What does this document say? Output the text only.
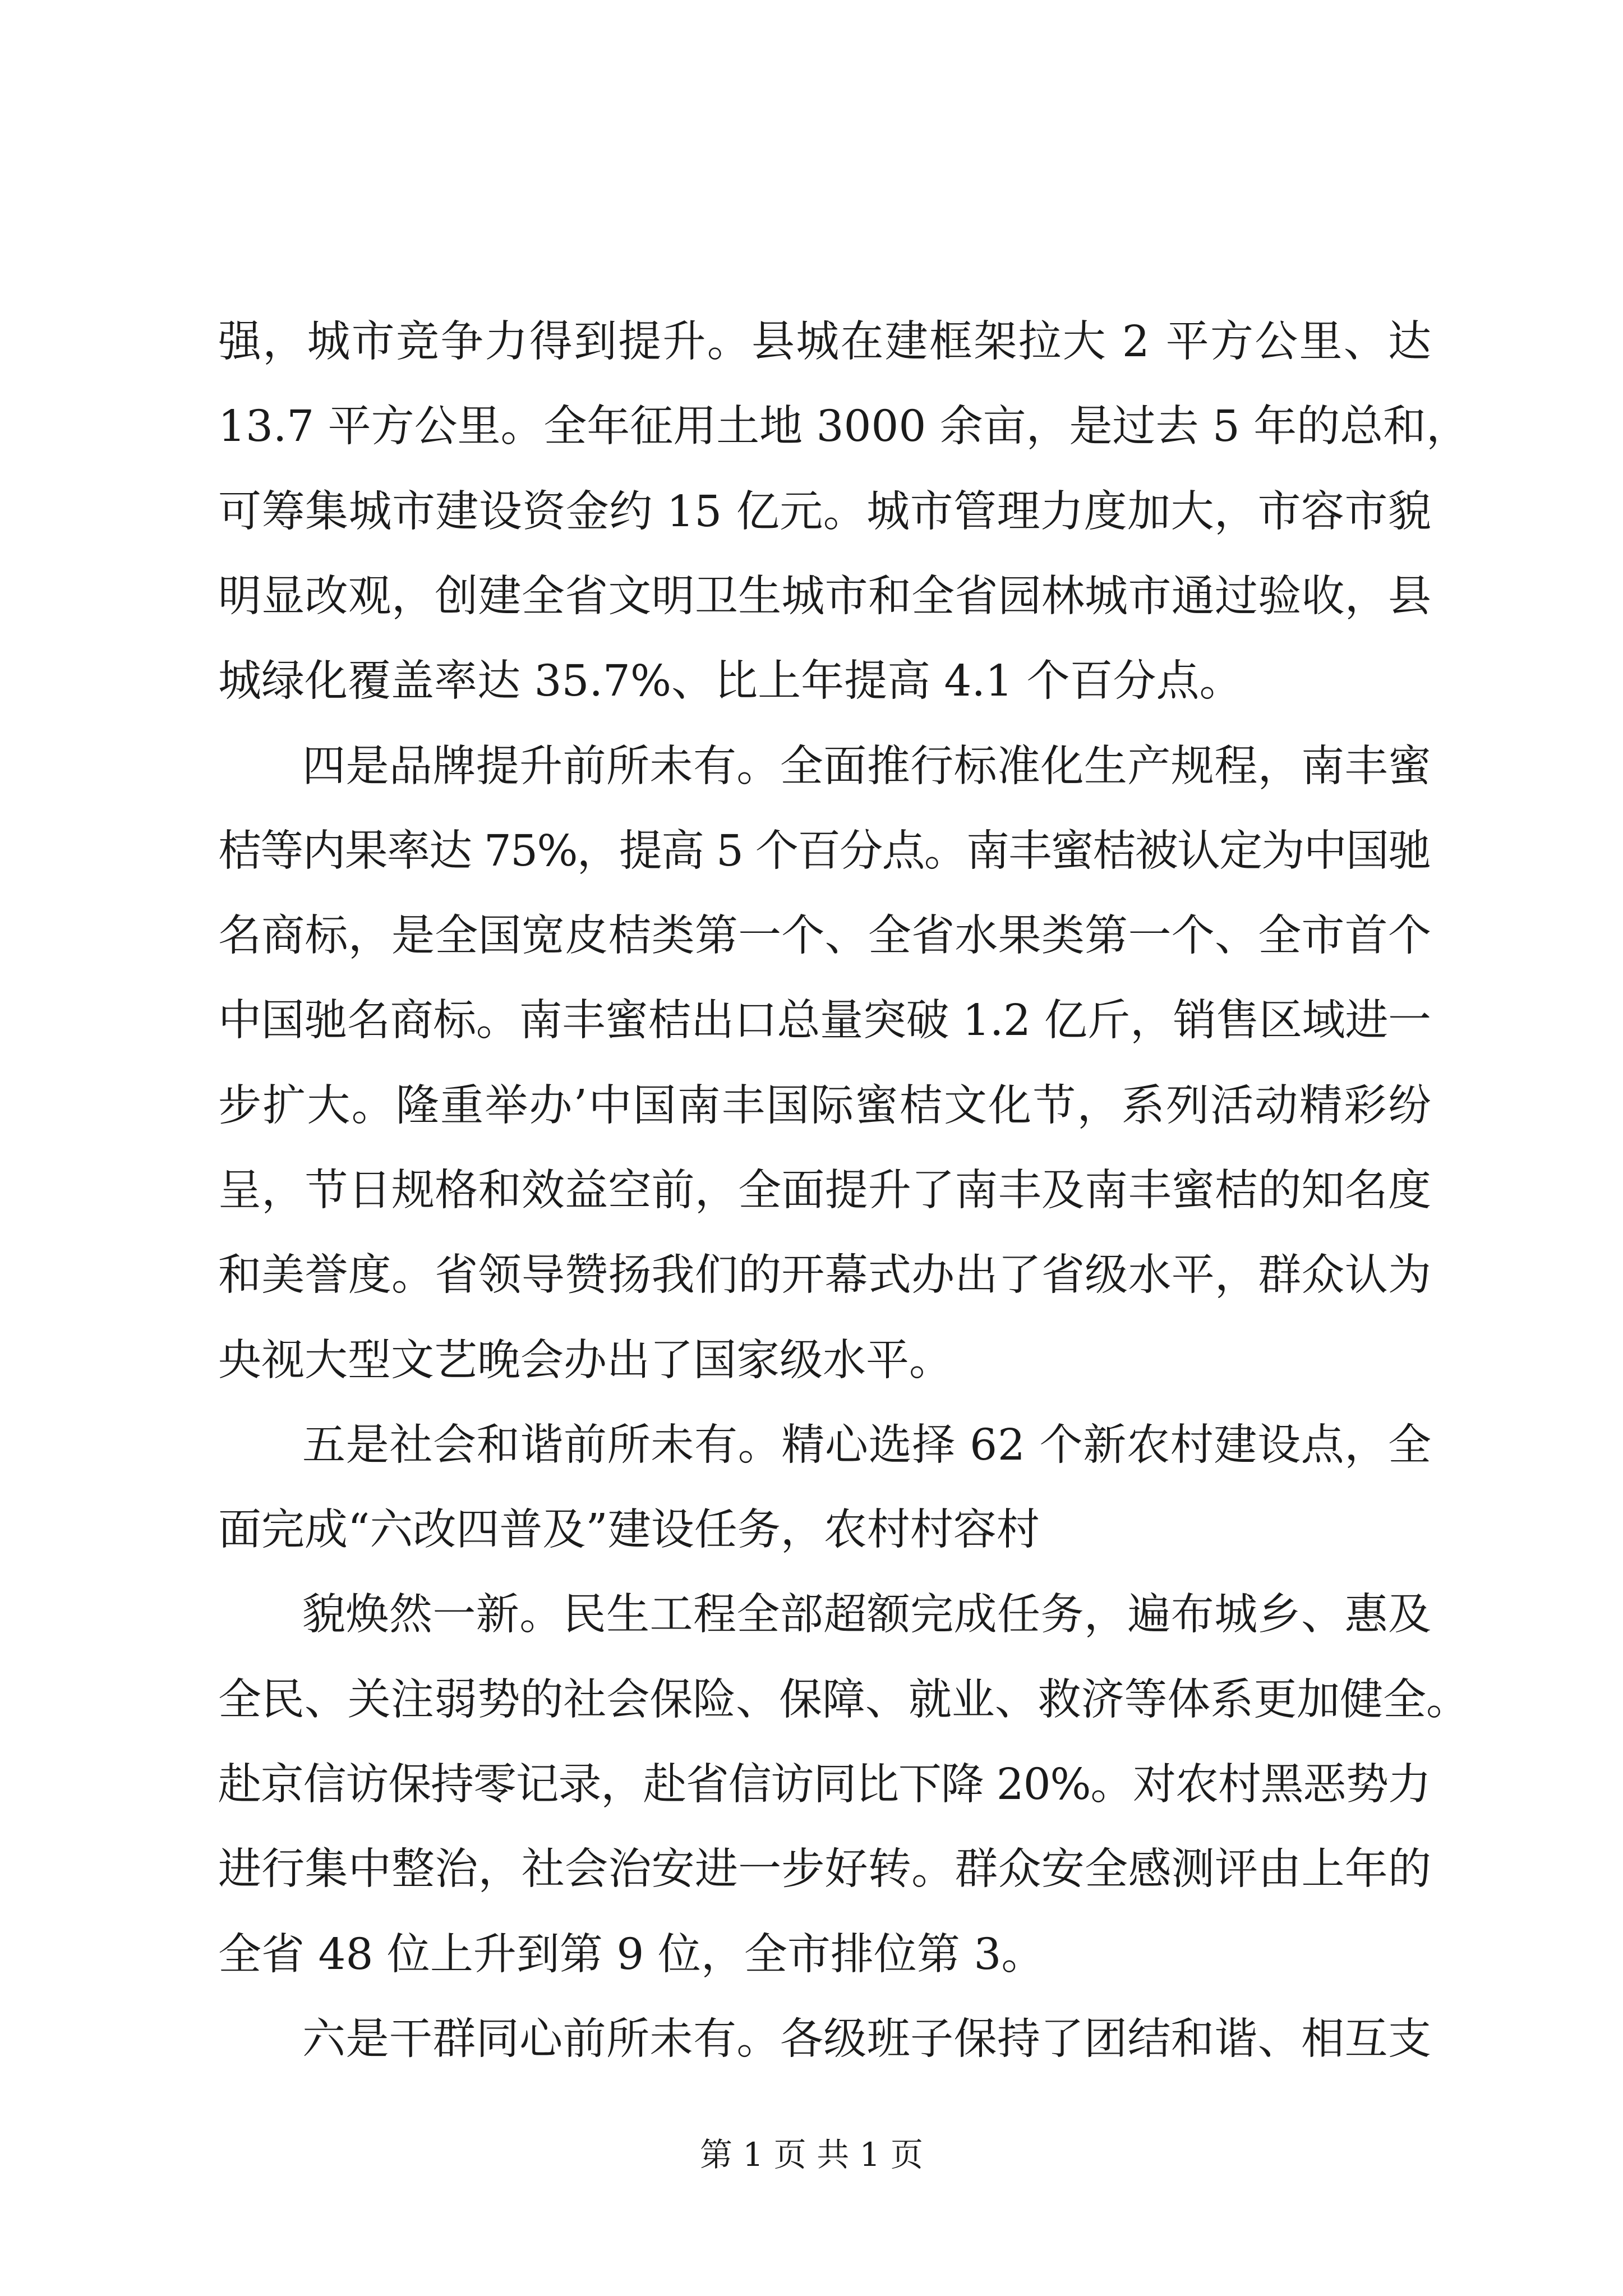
强，城市竞争力得到提升。县城在建框架拉大 2 平方公里、达
13.7 平方公里。全年征用土地 3000 余亩，是过去 5 年的总和，
可筹集城市建设资金约 15 亿元。城市管理力度加大，市容市貌
明显改观，创建全省文明卫生城市和全省园林城市通过验收，县
城绿化覆盖率达 35.7%、比上年提高 4.1 个百分点。
四是品牌提升前所未有。全面推行标准化生产规程，南丰蜜
桔等内果率达 75%，提高 5 个百分点。南丰蜜桔被认定为中国驰
名商标，是全国宽皮桔类第一个、全省水果类第一个、全市首个
中国驰名商标。南丰蜜桔出口总量突破 1.2 亿斤，销售区域进一
步扩大。隆重举办’中国南丰国际蜜桔文化节，系列活动精彩纷
呈，节日规格和效益空前，全面提升了南丰及南丰蜜桔的知名度
和美誉度。省领导赞扬我们的开幕式办出了省级水平，群众认为
央视大型文艺晚会办出了国家级水平。
五是社会和谐前所未有。精心选择 62 个新农村建设点，全
面完成“六改四普及”建设任务，农村村容村
貌焕然一新。民生工程全部超额完成任务，遍布城乡、惠及
全民、关注弱势的社会保险、保障、就业、救济等体系更加健全。
赴京信访保持零记录，赴省信访同比下降 20%。对农村黑恶势力
进行集中整治，社会治安进一步好转。群众安全感测评由上年的
全省 48 位上升到第 9 位，全市排位第 3。
六是干群同心前所未有。各级班子保持了团结和谐、相互支
第 1 页 共 1 页
